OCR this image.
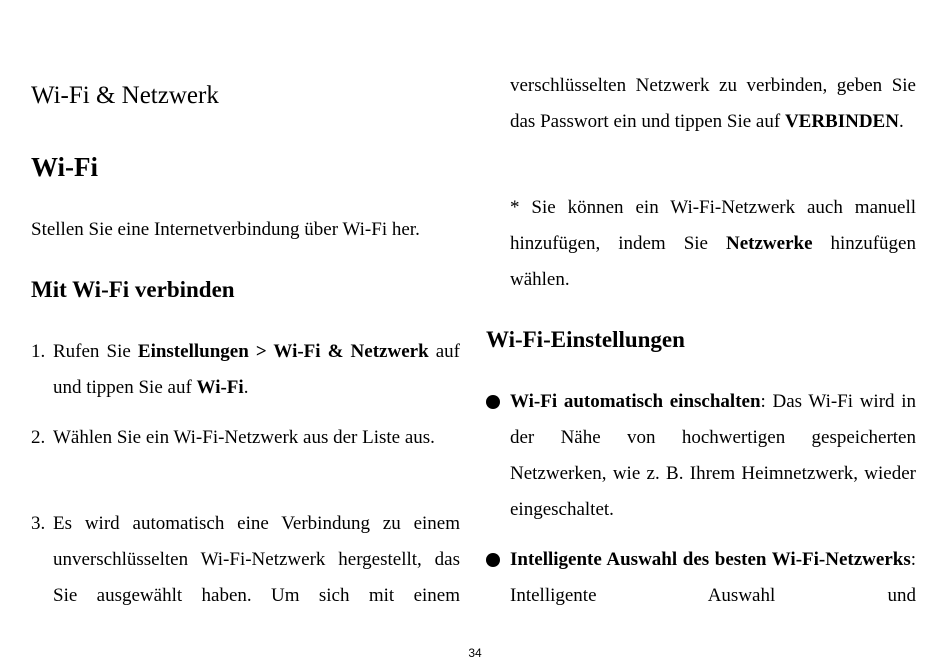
Wi-Fi & Netzwerk
Wi-Fi

Stellen Sie eine Internetverbindung über Wi-Fi her.

Mit Wi-Fi verbinden
1. Rufen Sie Einstellungen > Wi-Fi & Netzwerk auf und tippen Sie auf Wi-Fi.
2. Wählen Sie ein Wi-Fi-Netzwerk aus der Liste aus.
3. Es wird automatisch eine Verbindung zu einem unverschlüsselten Wi-Fi-Netzwerk hergestellt, das Sie ausgewählt haben. Um sich mit einem

verschlüsselten Netzwerk zu verbinden, geben Sie das Passwort ein und tippen Sie auf VERBINDEN.

* Sie können ein Wi-Fi-Netzwerk auch manuell hinzufügen, indem Sie Netzwerke hinzufügen wählen.

Wi-Fi-Einstellungen
Wi-Fi automatisch einschalten: Das Wi-Fi wird in der Nähe von hochwertigen gespeicherten Netzwerken, wie z. B. Ihrem Heimnetzwerk, wieder eingeschaltet.
Intelligente Auswahl des besten Wi-Fi-Netzwerks: Intelligente Auswahl und
34
